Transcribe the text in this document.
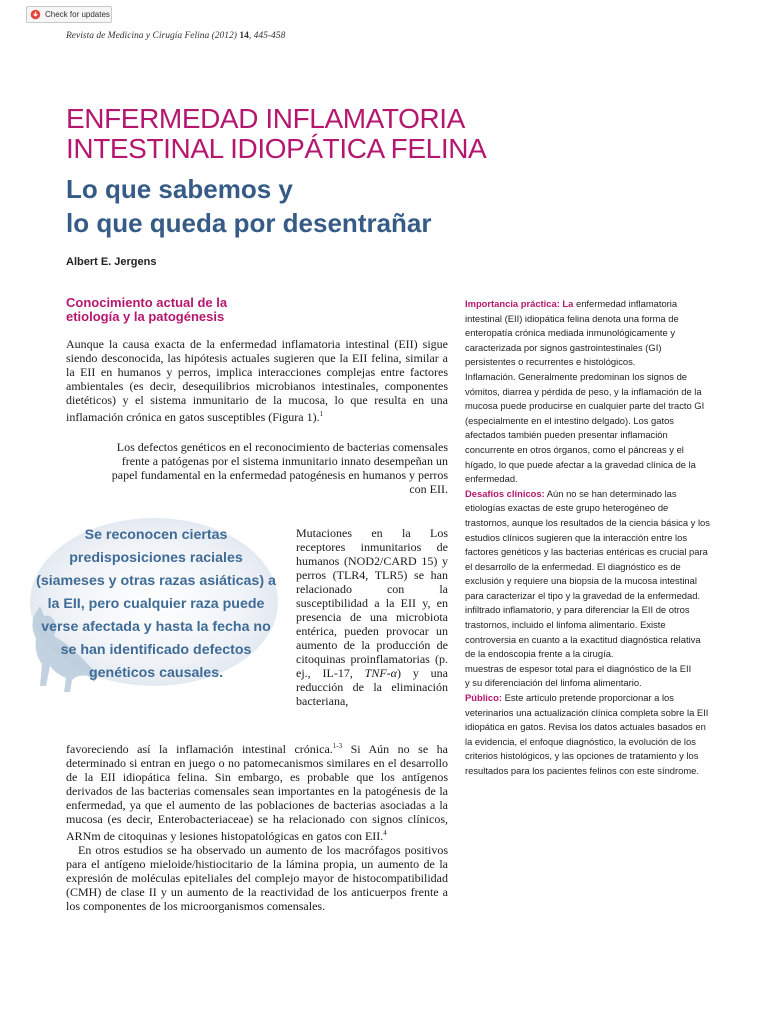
Check for updates
Revista de Medicina y Cirugía Felina (2012) 14, 445-458
ENFERMEDAD INFLAMATORIA
INTESTINAL IDIOPÁTICA FELINA
Lo que sabemos y
lo que queda por desentrañar
Albert E. Jergens
Conocimiento actual de la
etiología y la patogénesis
Aunque la causa exacta de la enfermedad inflamatoria intestinal (EII) sigue siendo desconocida, las hipótesis actuales sugieren que la EII felina, similar a la EII en humanos y perros, implica interacciones complejas entre factores ambientales (es decir, desequilibrios microbianos intestinales, componentes dietéticos) y el sistema inmunitario de la mucosa, lo que resulta en una inflamación crónica en gatos susceptibles (Figura 1).$^1$
Los defectos genéticos en el reconocimiento de bacterias comensales frente a patógenas por el sistema inmunitario innato desempeñan un papel fundamental en la enfermedad patogénesis en humanos y perros con EII.
Mutaciones en la Los receptores inmunitarios de humanos (NOD2/CARD 15) y perros (TLR4, TLR5) se han relacionado con la susceptibilidad a la EII y, en presencia de una microbiota entérica, pueden provocar un aumento de la producción de citoquinas proinflamatorias (p. ej., IL-17, TNF-α) y una reducción de la eliminación bacteriana,
favoreciendo así la inflamación intestinal crónica.$^{1-3}$ Si Aún no se ha determinado si entran en juego o no patomecanismos similares en el desarrollo de la EII idiopática felina. Sin embargo, es probable que los antígenos derivados de las bacterias comensales sean importantes en la patogénesis de la enfermedad, ya que el aumento de las poblaciones de bacterias asociadas a la mucosa (es decir, Enterobacteriaceae) se ha relacionado con signos clínicos, ARNm de citoquinas y lesiones histopatológicas en gatos con EII.$^4$
En otros estudios se ha observado un aumento de los macrófagos positivos para el antígeno mieloide/histiocitario de la lámina propia, un aumento de la expresión de moléculas epiteliales del complejo mayor de histocompatibilidad (CMH) de clase II y un aumento de la reactividad de los anticuerpos frente a los componentes de los microorganismos comensales.
Se reconocen ciertas predisposiciones raciales (siameses y otras razas asiáticas) a la EII, pero cualquier raza puede verse afectada y hasta la fecha no se han identificado defectos genéticos causales.

Importancia práctica: La enfermedad inflamatoria intestinal (EII) idiopática felina denota una forma de enteropatía crónica mediada inmunológicamente y caracterizada por signos gastrointestinales (GI) persistentes o recurrentes e histológicos.

Inflamación. Generalmente predominan los signos de vómitos, diarrea y pérdida de peso, y la inflamación de la mucosa puede producirse en cualquier parte del tracto GI (especialmente en el intestino delgado). Los gatos afectados también pueden presentar inflamación concurrente en otros órganos, como el páncreas y el hígado, lo que puede afectar a la gravedad clínica de la enfermedad.

Desafíos clínicos: Aún no se han determinado las etiologías exactas de este grupo heterogéneo de trastornos, aunque los resultados de la ciencia básica y los estudios clínicos sugieren que la interacción entre los factores genéticos y las bacterias entéricas es crucial para el desarrollo de la enfermedad. El diagnóstico es de exclusión y requiere una biopsia de la mucosa intestinal para caracterizar el tipo y la gravedad de la enfermedad.

infiltrado inflamatorio, y para diferenciar la EII de otros trastornos, incluido el linfoma alimentario. Existe controversia en cuanto a la exactitud diagnóstica relativa de la endoscopia frente a la cirugía.

muestras de espesor total para el diagnóstico de la EII

y su diferenciación del linfoma alimentario.

Público: Este artículo pretende proporcionar a los veterinarios una actualización clínica completa sobre la EII idiopática en gatos. Revisa los datos actuales basados en la evidencia, el enfoque diagnóstico, la evolución de los criterios histológicos, y las opciones de tratamiento y los resultados para los pacientes felinos con este síndrome.
